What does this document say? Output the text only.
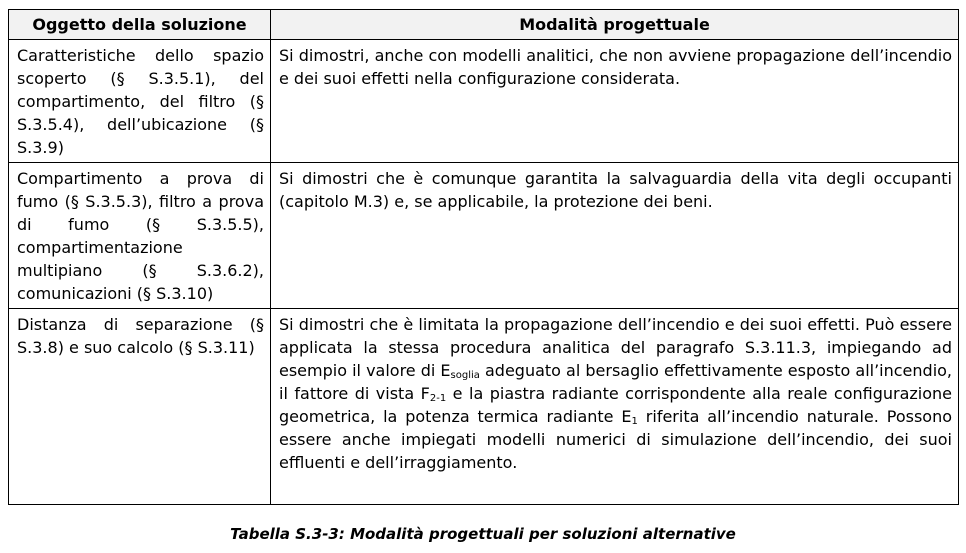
Oggetto della soluzione	Modalità progettuale
Caratteristiche dello spazio scoperto (§ S.3.5.1), del compartimento, del filtro (§ S.3.5.4), dell’ubicazione (§ S.3.9)	Si dimostri, anche con modelli analitici, che non avviene propagazione dell’incendio e dei suoi effetti nella configurazione considerata.
Compartimento a prova di fumo (§ S.3.5.3), filtro a prova di fumo (§ S.3.5.5), compartimentazione multipiano (§ S.3.6.2), comunicazioni (§ S.3.10)	Si dimostri che è comunque garantita la salvaguardia della vita degli occupanti (capitolo M.3) e, se applicabile, la protezione dei beni.
Distanza di separazione (§ S.3.8) e suo calcolo (§ S.3.11)	Si dimostri che è limitata la propagazione dell’incendio e dei suoi effetti. Può essere applicata la stessa procedura analitica del paragrafo S.3.11.3, impiegando ad esempio il valore di $E_{soglia}$ adeguato al bersaglio effettivamente esposto all’incendio, il fattore di vista $F_{2-1}$ e la piastra radiante corrispondente alla reale configurazione geometrica, la potenza termica radiante $E_1$ riferita all’incendio naturale. Possono essere anche impiegati modelli numerici di simulazione dell’incendio, dei suoi effluenti e dell’irraggiamento.
Tabella S.3-3: Modalità progettuali per soluzioni alternative
